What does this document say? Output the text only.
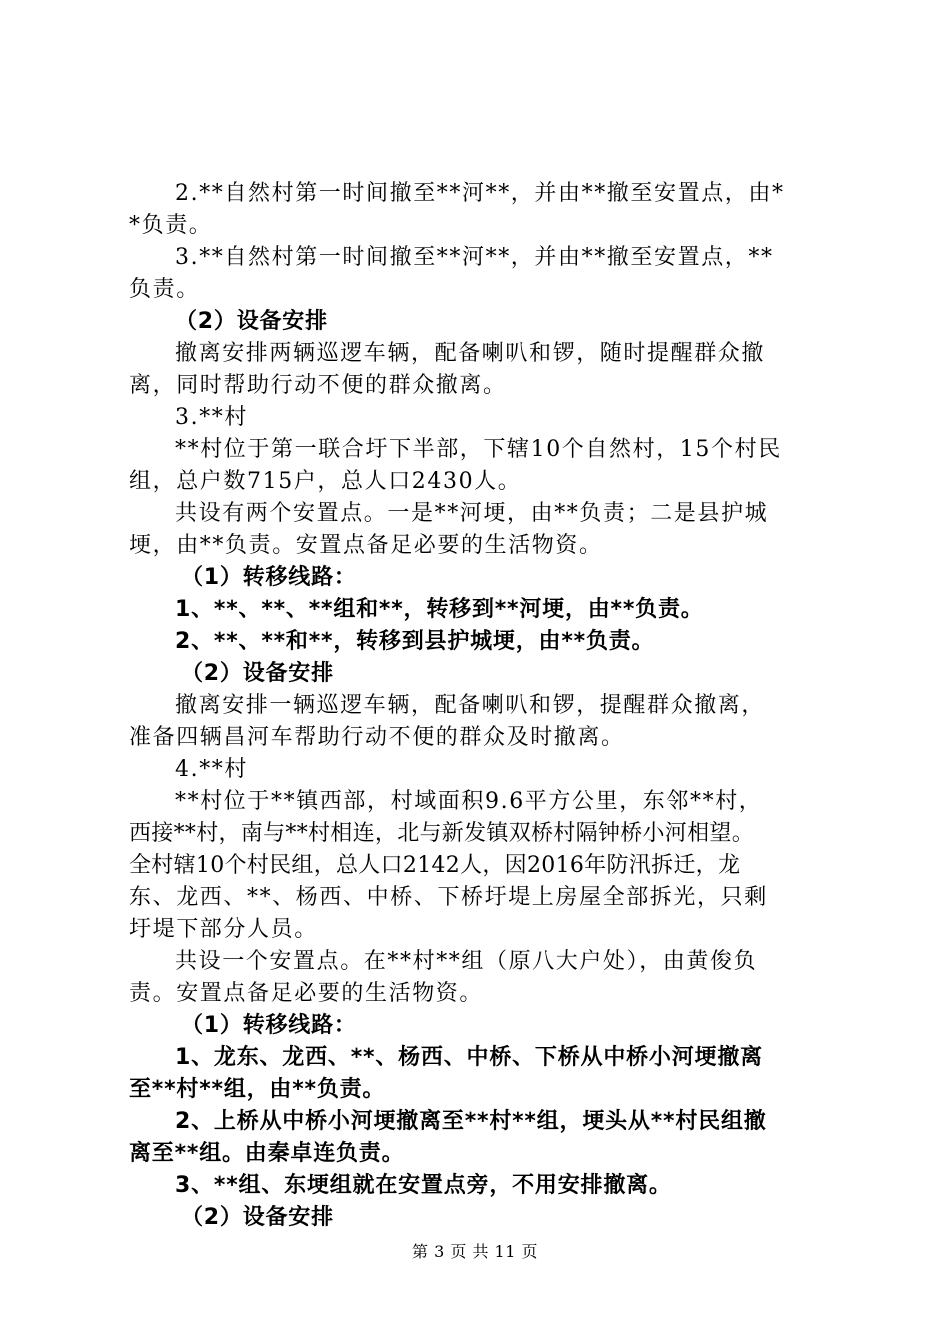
2.**自然村第一时间撤至**河**，并由**撤至安置点，由*
*负责。
3.**自然村第一时间撤至**河**，并由**撤至安置点，**
负责。
（2）设备安排
撤离安排两辆巡逻车辆，配备喇叭和锣，随时提醒群众撤
离，同时帮助行动不便的群众撤离。
3.**村
**村位于第一联合圩下半部，下辖10个自然村，15个村民
组，总户数715户，总人口2430人。
共设有两个安置点。一是**河埂，由**负责；二是县护城
埂，由**负责。安置点备足必要的生活物资。
（1）转移线路：
1、**、**、**组和**，转移到**河埂，由**负责。
2、**、**和**，转移到县护城埂，由**负责。
（2）设备安排
撤离安排一辆巡逻车辆，配备喇叭和锣，提醒群众撤离，
准备四辆昌河车帮助行动不便的群众及时撤离。
4.**村
**村位于**镇西部，村域面积9.6平方公里，东邻**村，
西接**村，南与**村相连，北与新发镇双桥村隔钟桥小河相望。
全村辖10个村民组，总人口2142人，因2016年防汛拆迁，龙
东、龙西、**、杨西、中桥、下桥圩堤上房屋全部拆光，只剩
圩堤下部分人员。
共设一个安置点。在**村**组（原八大户处），由黄俊负
责。安置点备足必要的生活物资。
（1）转移线路：
1、龙东、龙西、**、杨西、中桥、下桥从中桥小河埂撤离
至**村**组，由**负责。
2、上桥从中桥小河埂撤离至**村**组，埂头从**村民组撤
离至**组。由秦卓连负责。
3、**组、东埂组就在安置点旁，不用安排撤离。
（2）设备安排
第 3 页 共 11 页
